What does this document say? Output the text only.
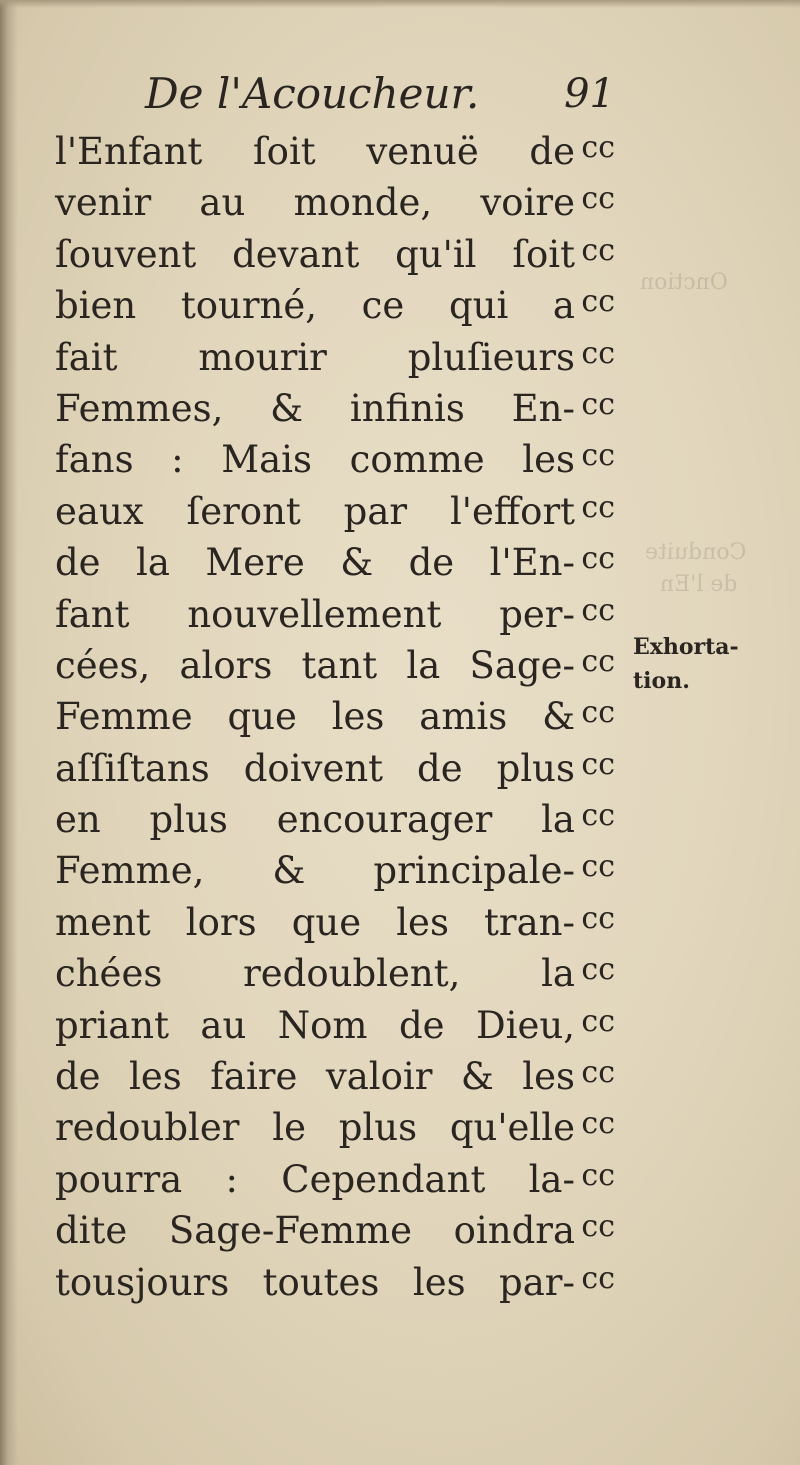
Onction
Conduite
de l'En
De l'Acoucheur. 91
l'Enfant ſoit venuë de cc
venir au monde, voire cc
ſouvent devant qu'il ſoit cc
bien tourné, ce qui a cc
fait mourir pluſieurs cc
Femmes, & infinis En- cc
fans : Mais comme les cc
eaux ſeront par l'effort cc
de la Mere & de l'En- cc
fant nouvellement per- cc
cées, alors tant la Sage- cc
Femme que les amis & cc
aſſiſtans doivent de plus cc
en plus encourager la cc
Femme, & principale- cc
ment lors que les tran- cc
chées redoublent, la cc
priant au Nom de Dieu, cc
de les faire valoir & les cc
redoubler le plus qu'elle cc
pourra : Cependant la- cc
dite Sage-Femme oindra cc
tousjours toutes les par- cc
Exhorta-
tion.
